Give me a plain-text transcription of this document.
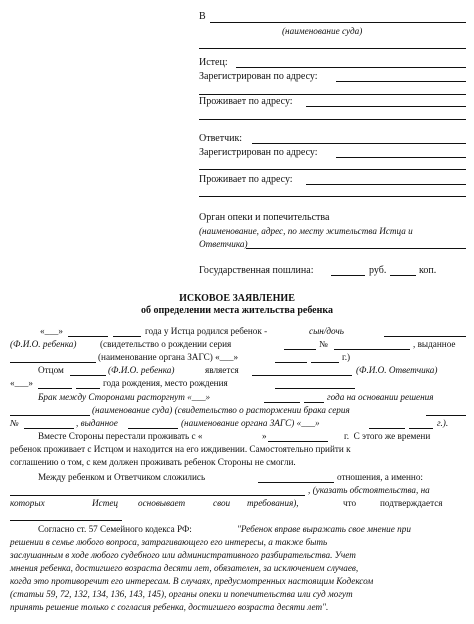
В
(наименование суда)
Истец:
Зарегистрирован по адресу:
Проживает по адресу:
Ответчик:
Зарегистрирован по адресу:
Проживает по адресу:
Орган опеки и попечительства
(наименование, адрес, по месту жительства Истца и
Ответчика)
Государственная пошлина:	руб.	коп.
ИСКОВОЕ ЗАЯВЛЕНИЕ
об определении места жительства ребенка
«___»	года у Истца родился ребенок -	сын/дочь
(Ф.И.О. ребенка)	(свидетельство о рождении серия	№	, выданное
(наименование органа ЗАГС) «___»	г.)
Отцом	(Ф.И.О. ребенка)	является	(Ф.И.О. Ответчика)
«___»	года рождения, место рождения
Брак между Сторонами расторгнут «___»	года на основании решения
(наименование суда) (свидетельство о расторжении брака серия
№	, выданное	(наименование органа ЗАГС) «___»	г.).
Вместе Стороны перестали проживать с «	»	г.  С этого же времени
ребенок проживает с Истцом и находится на его иждивении. Самостоятельно прийти к
соглашению о том, с кем должен проживать ребенок Стороны не смогли.
Между ребенком и Ответчиком сложились	отношения, а именно:
, (указать обстоятельства, на
которых	Истец основывает	свои требования),	что	подтверждается
Согласно ст. 57 Семейного кодекса РФ:	"Ребенок вправе выражать свое мнение при
решении в семье любого вопроса, затрагивающего его интересы, а также быть
заслушанным в ходе любого судебного или административного разбирательства. Учет
мнения ребенка, достигшего возраста десяти лет, обязателен, за исключением случаев,
когда это противоречит его интересам. В случаях, предусмотренных настоящим Кодексом
(статьи 59, 72, 132, 134, 136, 143, 145), органы опеки и попечительства или суд могут
принять решение только с согласия ребенка, достигшего возраста десяти лет".
